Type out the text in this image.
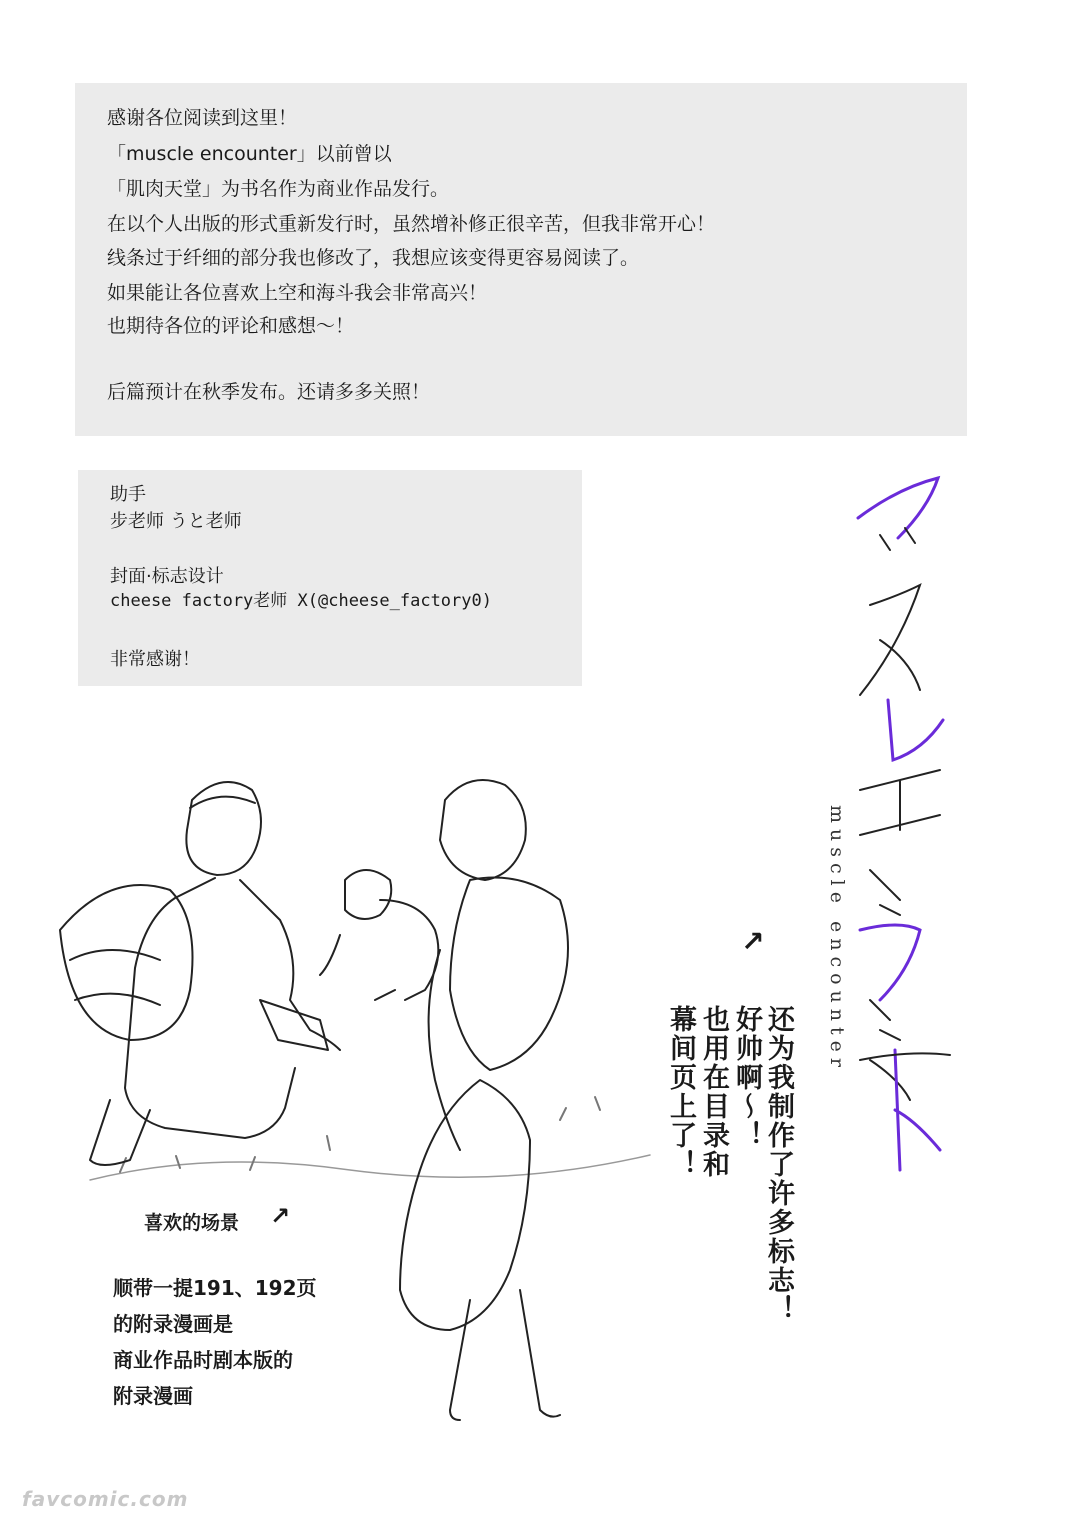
感谢各位阅读到这里！
「muscle encounter」以前曾以
「肌肉天堂」为书名作为商业作品发行。
在以个人出版的形式重新发行时，虽然增补修正很辛苦，但我非常开心！
线条过于纤细的部分我也修改了，我想应该变得更容易阅读了。
如果能让各位喜欢上空和海斗我会非常高兴！
也期待各位的评论和感想～！
后篇预计在秋季发布。还请多多关照！
助手
步老师 うと老师
封面·标志设计
cheese factory老师 X(@cheese_factory0)
非常感谢！
muscle encounter
↗
还为我制作了许多标志！
好帅啊～！
也用在目录和
幕间页上了！
喜欢的场景 ↗
顺带一提191、192页
的附录漫画是
商业作品时剧本版的
附录漫画
favcomic.com
